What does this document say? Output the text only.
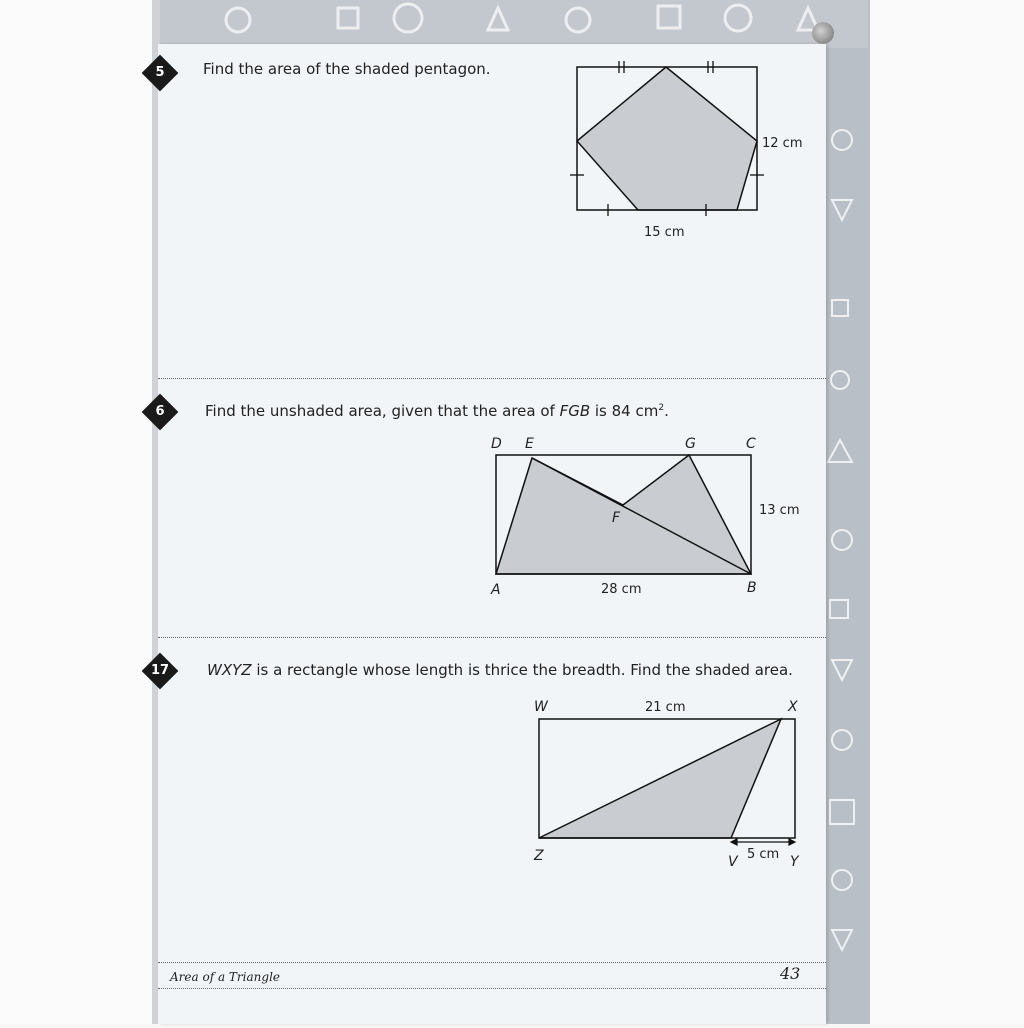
5	Find the area of the shaded pentagon.
12 cm
15 cm
6	Find the unshaded area, given that the area of FGB is 84 $cm^2$.
D E	G	C
F
A	B
13 cm
28 cm
17	WXYZ is a rectangle whose length is thrice the breadth. Find the shaded area.
W	X
Z	V	Y
21 cm
5 cm
Area of a Triangle	43
